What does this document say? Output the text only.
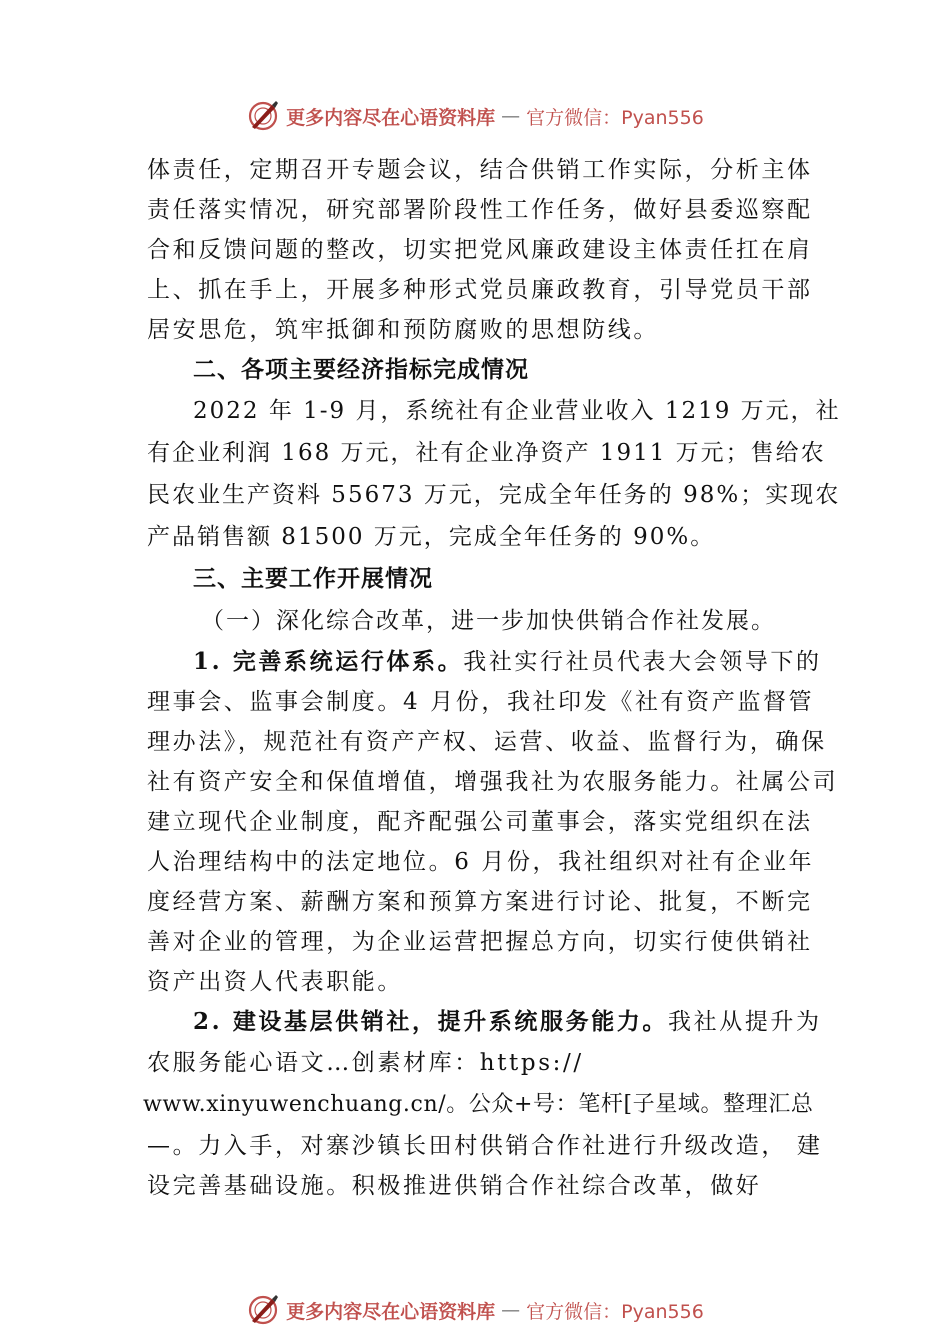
更多内容尽在心语资料库 — 官方微信：Pyan556
体责任，定期召开专题会议，结合供销工作实际，分析主体
责任落实情况，研究部署阶段性工作任务，做好县委巡察配
合和反馈问题的整改，切实把党风廉政建设主体责任扛在肩
上、抓在手上，开展多种形式党员廉政教育，引导党员干部
居安思危，筑牢抵御和预防腐败的思想防线。
二、各项主要经济指标完成情况
2022 年 1-9 月，系统社有企业营业收入 1219 万元，社
有企业利润 168 万元，社有企业净资产 1911 万元；售给农
民农业生产资料 55673 万元，完成全年任务的 98%；实现农
产品销售额 81500 万元，完成全年任务的 90%。
三、主要工作开展情况
（一）深化综合改革，进一步加快供销合作社发展。
1. 完善系统运行体系。我社实行社员代表大会领导下的
理事会、监事会制度。4 月份，我社印发《社有资产监督管
理办法》，规范社有资产产权、运营、收益、监督行为，确保
社有资产安全和保值增值，增强我社为农服务能力。社属公司
建立现代企业制度，配齐配强公司董事会，落实党组织在法
人治理结构中的法定地位。6 月份，我社组织对社有企业年
度经营方案、薪酬方案和预算方案进行讨论、批复，不断完
善对企业的管理，为企业运营把握总方向，切实行使供销社
资产出资人代表职能。
2. 建设基层供销社，提升系统服务能力。我社从提升为
农服务能心语文…创素材库：https://
www.xinyuwenchuang.cn/。公众+号：笔杆[子星域。整理汇总
—。力入手，对寨沙镇长田村供销合作社进行升级改造， 建
设完善基础设施。积极推进供销合作社综合改革，做好
更多内容尽在心语资料库 — 官方微信：Pyan556
